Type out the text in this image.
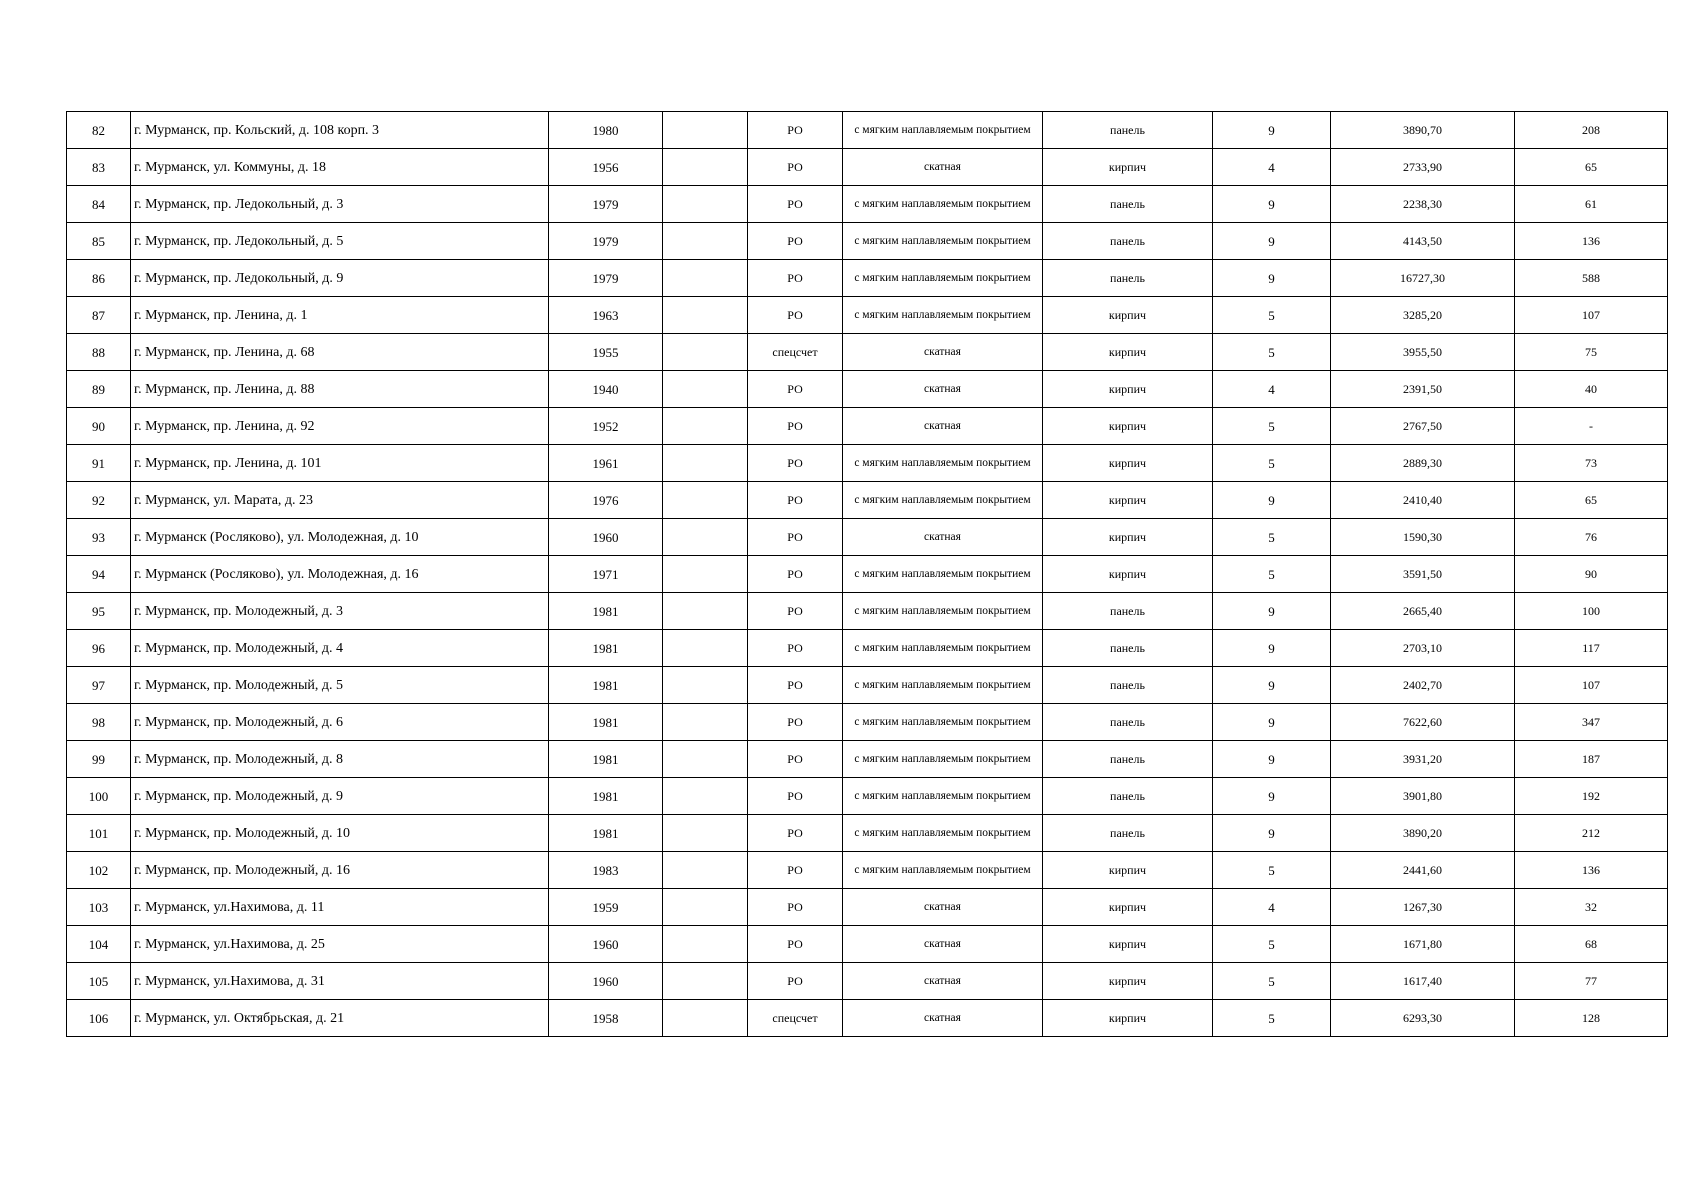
82	г. Мурманск, пр. Кольский, д. 108 корп. 3	1980		РО	с мягким наплавляемым покрытием	панель	9	3890,70	208
83	г. Мурманск, ул. Коммуны, д. 18	1956		РО	скатная	кирпич	4	2733,90	65
84	г. Мурманск, пр. Ледокольный, д. 3	1979		РО	с мягким наплавляемым покрытием	панель	9	2238,30	61
85	г. Мурманск, пр. Ледокольный, д. 5	1979		РО	с мягким наплавляемым покрытием	панель	9	4143,50	136
86	г. Мурманск, пр. Ледокольный, д. 9	1979		РО	с мягким наплавляемым покрытием	панель	9	16727,30	588
87	г. Мурманск, пр. Ленина, д. 1	1963		РО	с мягким наплавляемым покрытием	кирпич	5	3285,20	107
88	г. Мурманск, пр. Ленина, д. 68	1955		спецсчет	скатная	кирпич	5	3955,50	75
89	г. Мурманск, пр. Ленина, д. 88	1940		РО	скатная	кирпич	4	2391,50	40
90	г. Мурманск, пр. Ленина, д. 92	1952		РО	скатная	кирпич	5	2767,50	-
91	г. Мурманск, пр. Ленина, д. 101	1961		РО	с мягким наплавляемым покрытием	кирпич	5	2889,30	73
92	г. Мурманск, ул. Марата, д. 23	1976		РО	с мягким наплавляемым покрытием	кирпич	9	2410,40	65
93	г. Мурманск (Росляково), ул. Молодежная, д. 10	1960		РО	скатная	кирпич	5	1590,30	76
94	г. Мурманск (Росляково), ул. Молодежная, д. 16	1971		РО	с мягким наплавляемым покрытием	кирпич	5	3591,50	90
95	г. Мурманск, пр. Молодежный, д. 3	1981		РО	с мягким наплавляемым покрытием	панель	9	2665,40	100
96	г. Мурманск, пр. Молодежный, д. 4	1981		РО	с мягким наплавляемым покрытием	панель	9	2703,10	117
97	г. Мурманск, пр. Молодежный, д. 5	1981		РО	с мягким наплавляемым покрытием	панель	9	2402,70	107
98	г. Мурманск, пр. Молодежный, д. 6	1981		РО	с мягким наплавляемым покрытием	панель	9	7622,60	347
99	г. Мурманск, пр. Молодежный, д. 8	1981		РО	с мягким наплавляемым покрытием	панель	9	3931,20	187
100	г. Мурманск, пр. Молодежный, д. 9	1981		РО	с мягким наплавляемым покрытием	панель	9	3901,80	192
101	г. Мурманск, пр. Молодежный, д. 10	1981		РО	с мягким наплавляемым покрытием	панель	9	3890,20	212
102	г. Мурманск, пр. Молодежный, д. 16	1983		РО	с мягким наплавляемым покрытием	кирпич	5	2441,60	136
103	г. Мурманск, ул.Нахимова, д. 11	1959		РО	скатная	кирпич	4	1267,30	32
104	г. Мурманск, ул.Нахимова, д. 25	1960		РО	скатная	кирпич	5	1671,80	68
105	г. Мурманск, ул.Нахимова, д. 31	1960		РО	скатная	кирпич	5	1617,40	77
106	г. Мурманск, ул. Октябрьская, д. 21	1958		спецсчет	скатная	кирпич	5	6293,30	128
